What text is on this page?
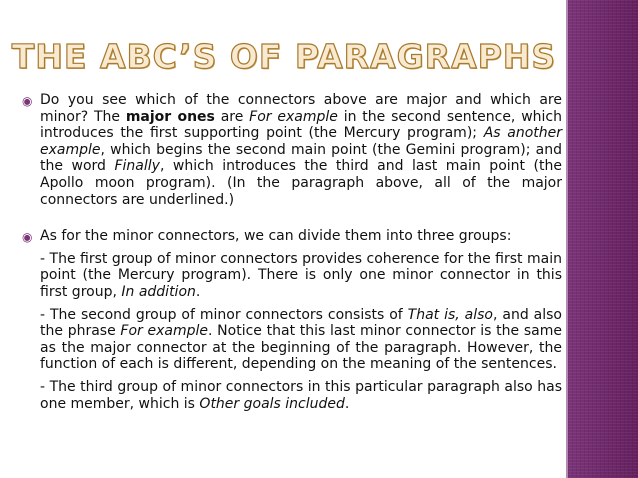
THE ABC’S OF PARAGRAPHS
◉ Do you see which of the connectors above are major and which are minor? The major ones are For example in the second sentence, which introduces the first supporting point (the Mercury program); As another example, which begins the second main point (the Gemini program); and the word Finally, which introduces the third and last main point (the Apollo moon program). (In the paragraph above, all of the major connectors are underlined.)
◉ As for the minor connectors, we can divide them into three groups:

- The first group of minor connectors provides coherence for the first main point (the Mercury program). There is only one minor connector in this first group, In addition.

- The second group of minor connectors consists of That is, also, and also the phrase For example. Notice that this last minor connector is the same as the major connector at the beginning of the paragraph. However, the function of each is different, depending on the meaning of the sentences.

- The third group of minor connectors in this particular paragraph also has one member, which is Other goals included.
